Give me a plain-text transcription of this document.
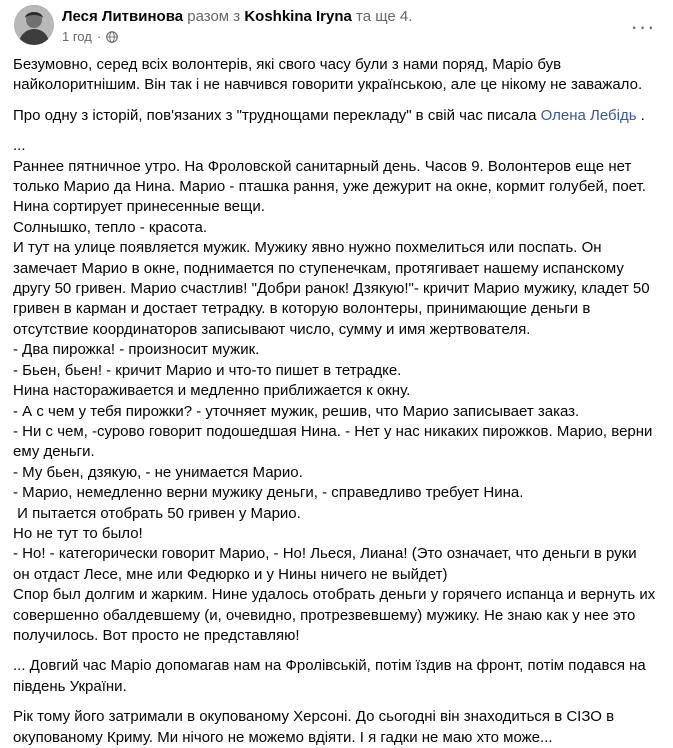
Леся Литвинова разом з Koshkina Iryna та ще 4.
1 год ·	···

Безумовно, серед всіх волонтерів, які свого часу були з нами поряд, Маріо був

найколоритнішим. Він так і не навчився говорити українською, але це нікому не заважало.

Про одну з історій, пов'язаних з "труднощами перекладу" в свій час писала Олена Лебідь .

...

Раннее пятничное утро. На Фроловской санитарный день. Часов 9. Волонтеров еще нет

только Марио да Нина. Марио - пташка рання, уже дежурит на окне, кормит голубей, поет.

Нина сортирует принесенные вещи.

Солнышко, тепло - красота.

И тут на улице появляется мужик. Мужику явно нужно похмелиться или поспать. Он

замечает Марио в окне, поднимается по ступенечкам, протягивает нашему испанскому

другу 50 гривен. Марио счастлив! "Добри ранок! Дзякую!"- кричит Марио мужику, кладет 50

гривен в карман и достает тетрадку. в которую волонтеры, принимающие деньги в

отсутствие координаторов записывают число, сумму и имя жертвователя.

- Два пирожка! - произносит мужик.

- Бьен, бьен! - кричит Марио и что-то пишет в тетрадке.

Нина настораживается и медленно приближается к окну.

- А с чем у тебя пирожки? - уточняет мужик, решив, что Марио записывает заказ.

- Ни с чем, -сурово говорит подошедшая Нина. - Нет у нас никаких пирожков. Марио, верни

ему деньги.

- Му бьен, дзякую, - не унимается Марио.

- Марио, немедленно верни мужику деньги, - справедливо требует Нина.

И пытается отобрать 50 гривен у Марио.

Но не тут то было!

- Но! - категорически говорит Марио, - Но! Льеся, Лиана! (Это означает, что деньги в руки

он отдаст Лесе, мне или Федюрко и у Нины ничего не выйдет)

Спор был долгим и жарким. Нине удалось отобрать деньги у горячего испанца и вернуть их

совершенно обалдевшему (и, очевидно, протрезвевшему) мужику. Не знаю как у нее это

получилось. Вот просто не представляю!

... Довгий час Маріо допомагав нам на Фролівській, потім їздив на фронт, потім подався на

південь України.

Рік тому його затримали в окупованому Херсоні. До сьогодні він знаходиться в СІЗО в

окупованому Криму. Ми нічого не можемо вдіяти. І я гадки не маю хто може...
